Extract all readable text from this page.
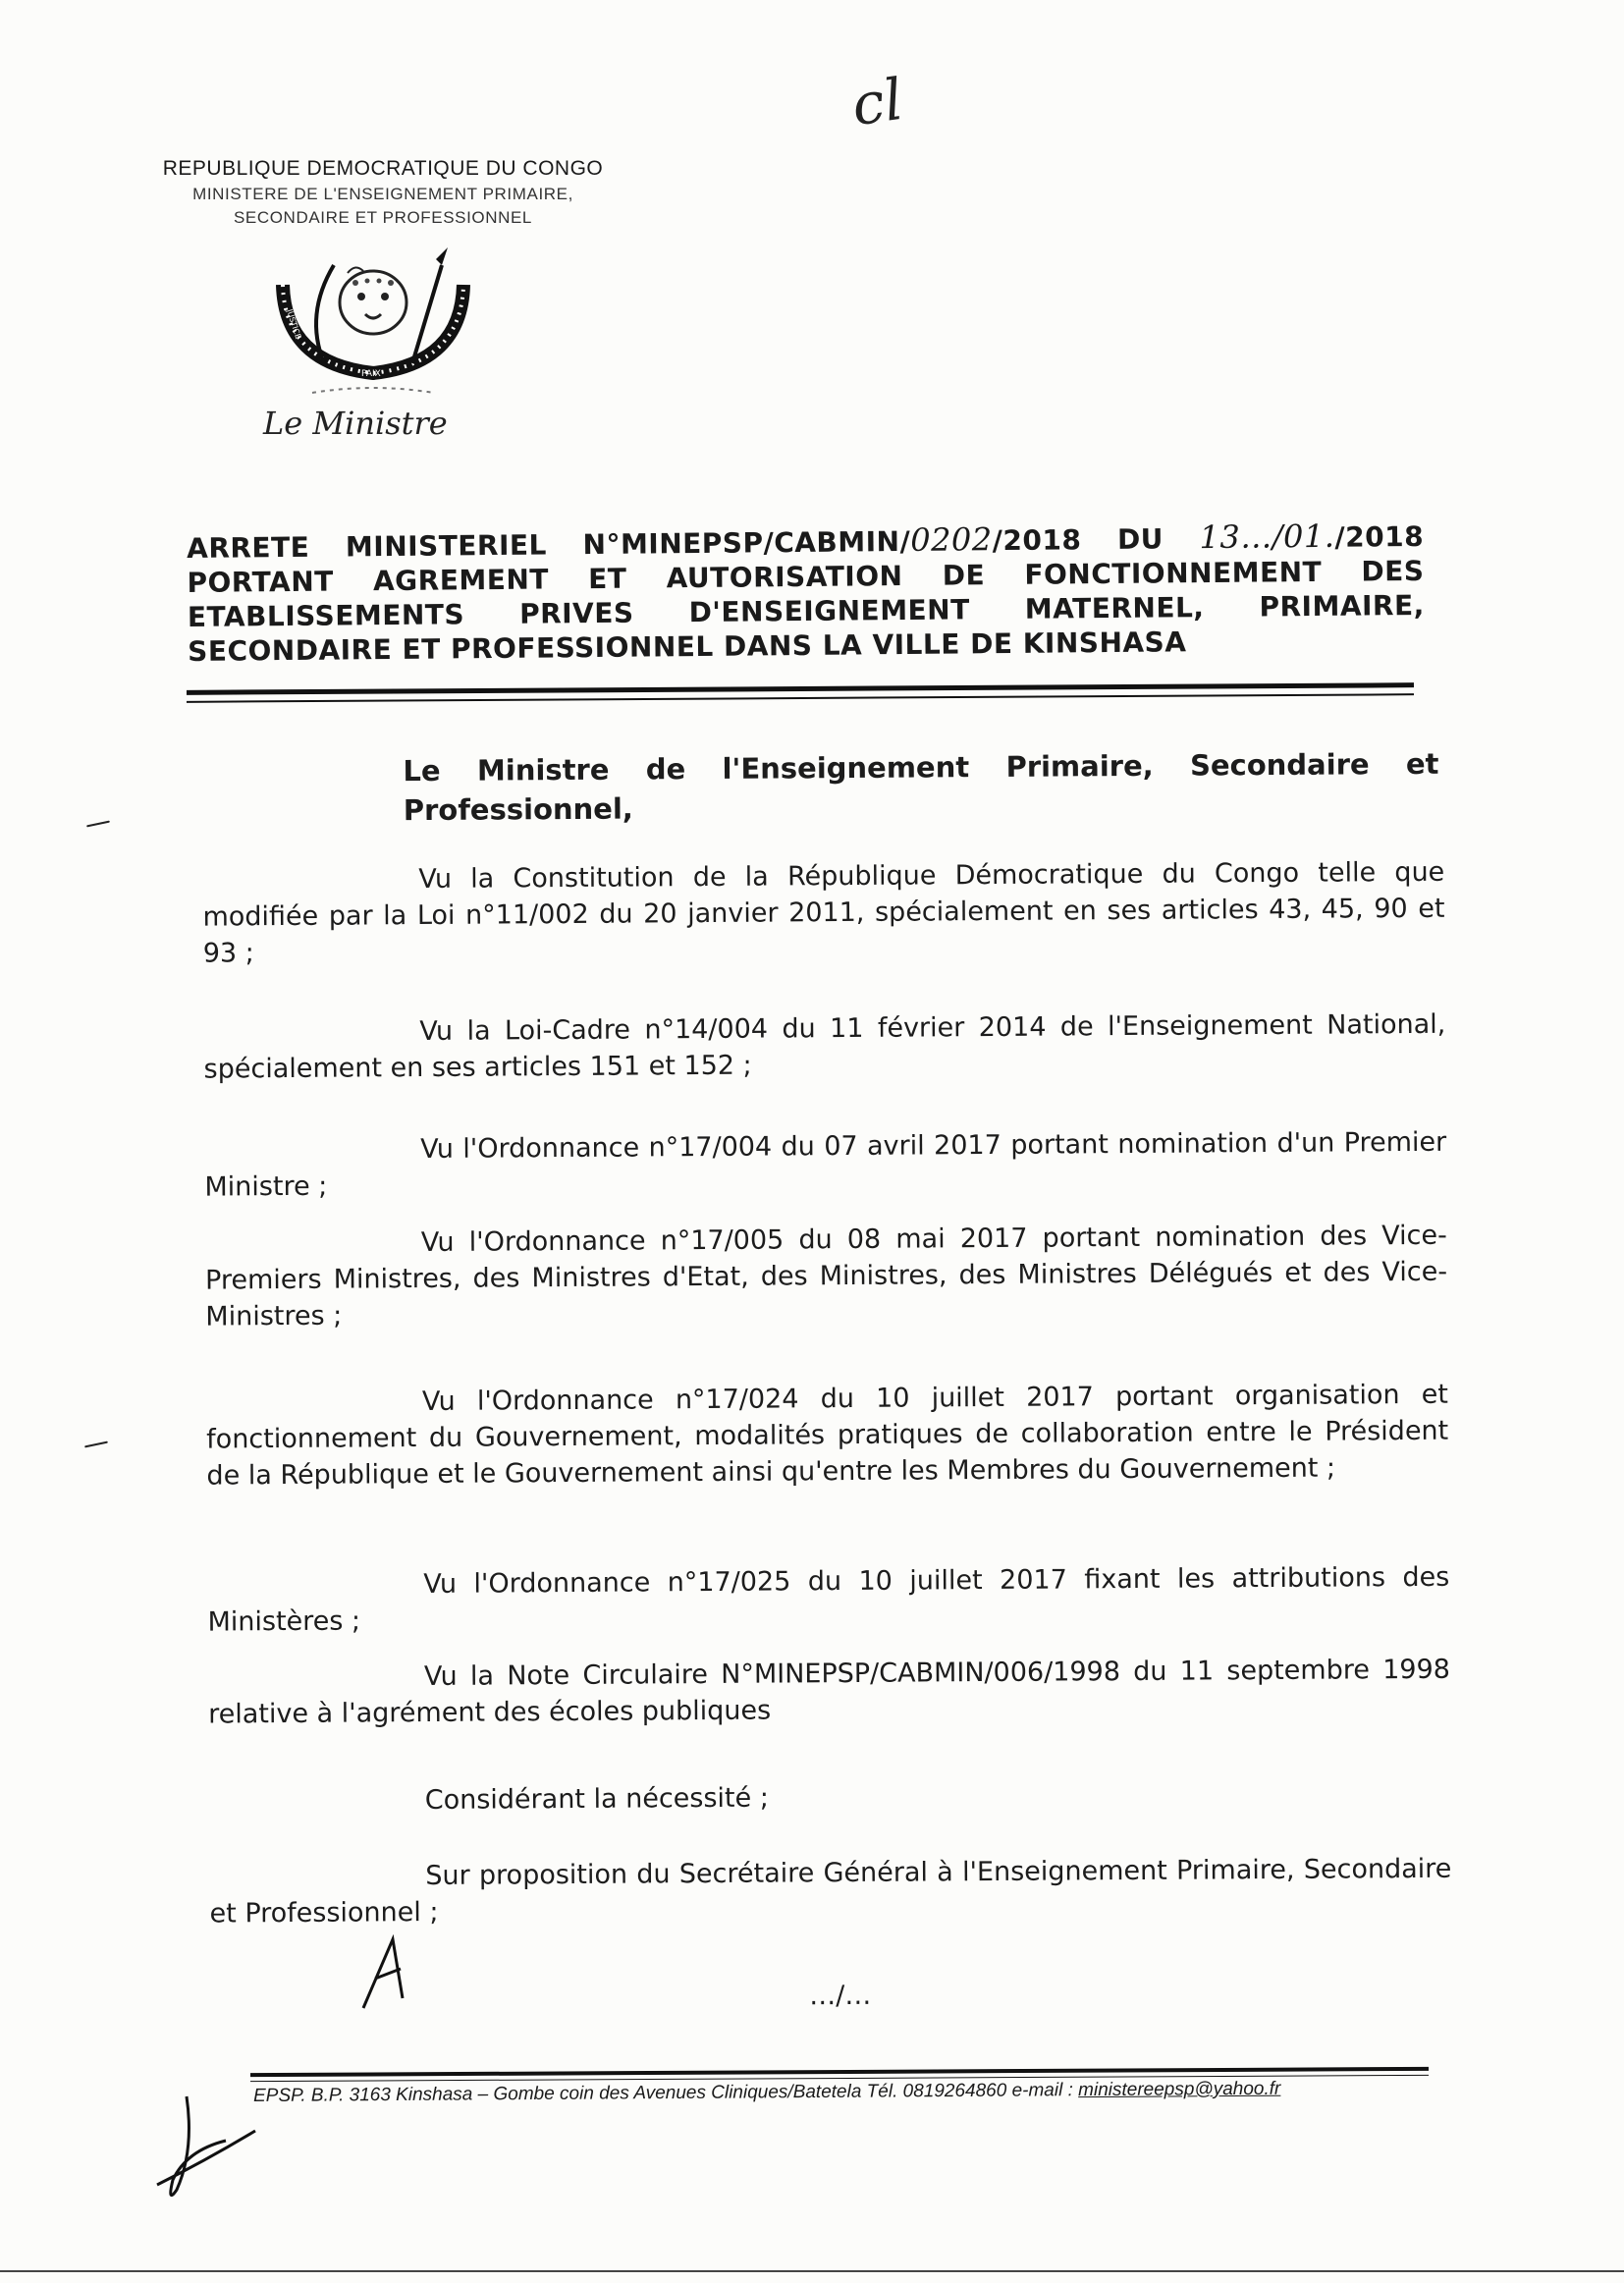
cl
REPUBLIQUE DEMOCRATIQUE DU CONGO
MINISTERE DE L'ENSEIGNEMENT PRIMAIRE,
SECONDAIRE ET PROFESSIONNEL
JUSTICE
PAIX
TRAVAIL
Le Ministre
ARRETE MINISTERIEL N°MINEPSP/CABMIN/0202/2018 DU 13…/01./2018
PORTANT AGREMENT ET AUTORISATION DE FONCTIONNEMENT DES
ETABLISSEMENTS PRIVES D'ENSEIGNEMENT MATERNEL, PRIMAIRE,
SECONDAIRE ET PROFESSIONNEL DANS LA VILLE DE KINSHASA
Le Ministre de l'Enseignement Primaire, Secondaire et Professionnel,
Vu la Constitution de la République Démocratique du Congo telle que modifiée par la Loi n°11/002 du 20 janvier 2011, spécialement en ses articles 43, 45, 90 et 93 ;
Vu la Loi-Cadre n°14/004 du 11 février 2014 de l'Enseignement National, spécialement en ses articles 151 et 152 ;
Vu l'Ordonnance n°17/004 du 07 avril 2017 portant nomination d'un Premier Ministre ;
Vu l'Ordonnance n°17/005 du 08 mai 2017 portant nomination des Vice-Premiers Ministres, des Ministres d'Etat, des Ministres, des Ministres Délégués et des Vice-Ministres ;
Vu l'Ordonnance n°17/024 du 10 juillet 2017 portant organisation et fonctionnement du Gouvernement, modalités pratiques de collaboration entre le Président de la République et le Gouvernement ainsi qu'entre les Membres du Gouvernement ;
Vu l'Ordonnance n°17/025 du 10 juillet 2017 fixant les attributions des Ministères ;
Vu la Note Circulaire N°MINEPSP/CABMIN/006/1998 du 11 septembre 1998 relative à l'agrément des écoles publiques
Considérant la nécessité ;
Sur proposition du Secrétaire Général à l'Enseignement Primaire, Secondaire et Professionnel ;
…/…
EPSP. B.P. 3163 Kinshasa – Gombe coin des Avenues Cliniques/Batetela Tél. 0819264860 e-mail : ministereepsp@yahoo.fr
